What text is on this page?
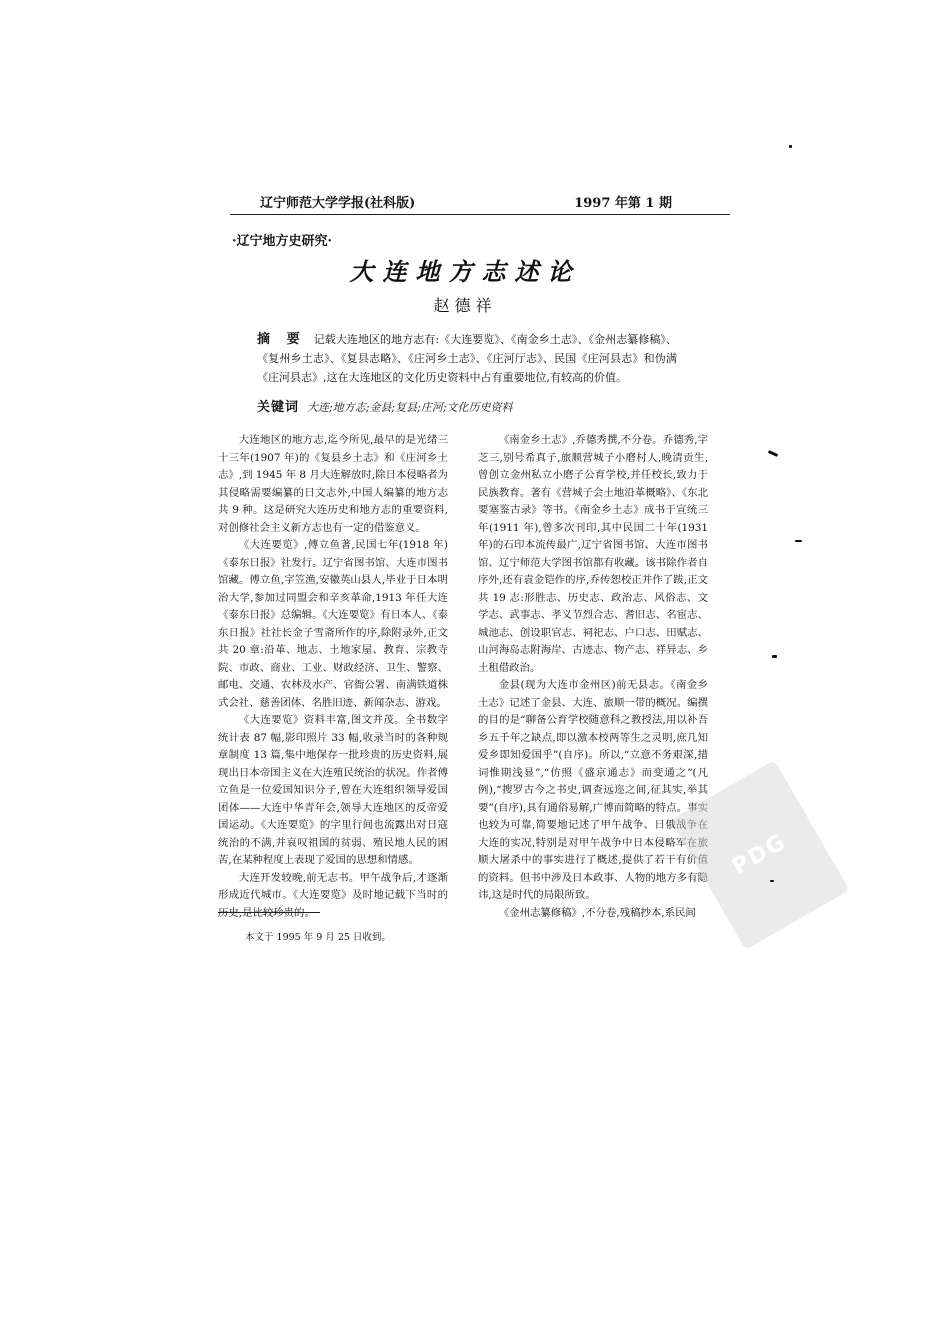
辽宁师范大学学报(社科版)	1997 年第 1 期
·辽宁地方史研究·
大连地方志述论
赵德祥
摘 要 记载大连地区的地方志有:《大连要览》、《南金乡土志》、《金州志纂修稿》、《复州乡土志》、《复县志略》、《庄河乡土志》、《庄河厅志》、民国《庄河县志》和伪满《庄河县志》,这在大连地区的文化历史资料中占有重要地位,有较高的价值。
关键词 大连;地方志;金县;复县;庄河;文化历史资料

大连地区的地方志,迄今所见,最早的是光绪三十三年(1907 年)的《复县乡土志》和《庄河乡土志》,到 1945 年 8 月大连解放时,除日本侵略者为其侵略需要编纂的日文志外,中国人编纂的地方志共 9 种。这是研究大连历史和地方志的重要资料,对创修社会主义新方志也有一定的借鉴意义。

《大连要览》,傅立鱼著,民国七年(1918 年)《泰东日报》社发行。辽宁省图书馆、大连市图书馆藏。傅立鱼,字笠渔,安徽英山县人,毕业于日本明治大学,参加过同盟会和辛亥革命,1913 年任大连《泰东日报》总编辑。《大连要览》有日本人、《泰东日报》社社长金子雪斋所作的序,除附录外,正文共 20 章:沿革、地志、土地家屋、教育、宗教寺院、市政、商业、工业、财政经济、卫生、警察、邮电、交通、农林及水产、官衙公署、南满铁道株式会社、慈善团体、名胜旧迹、新闻杂志、游戏。

《大连要览》资料丰富,图文并茂。全书数字统计表 87 幅,影印照片 33 幅,收录当时的各种规章制度 13 篇,集中地保存一批珍贵的历史资料,展现出日本帝国主义在大连殖民统治的状况。作者傅立鱼是一位爱国知识分子,曾在大连组织领导爱国团体——大连中华青年会,领导大连地区的反帝爱国运动。《大连要览》的字里行间也流露出对日寇统治的不满,并哀叹祖国的贫弱、殖民地人民的困苦,在某种程度上表现了爱国的思想和情感。

大连开发较晚,前无志书。甲午战争后,才逐渐形成近代城市。《大连要览》及时地记载下当时的历史,是比较珍贵的。

《南金乡土志》,乔德秀撰,不分卷。乔德秀,字芝三,别号希真子,旅顺营城子小磨村人,晚清贡生,曾创立金州私立小磨子公育学校,并任校长,致力于民族教育。著有《营城子会土地沿革概略》、《东北要塞鉴古录》等书。《南金乡土志》成书于宣统三年(1911 年),曾多次刊印,其中民国二十年(1931 年)的石印本流传最广,辽宁省图书馆、大连市图书馆、辽宁师范大学图书馆都有收藏。该书除作者自序外,还有袁金铠作的序,乔传恕校正并作了跋,正文共 19 志:形胜志、历史志、政治志、风俗志、文学志、武事志、孝义节烈合志、耆旧志、名宦志、城池志、创设职官志、祠祀志、户口志、田赋志、山河海岛志附海岸、古迹志、物产志、祥异志、乡土租借政治。

金县(现为大连市金州区)前无县志。《南金乡土志》记述了金县、大连、旅顺一带的概况。编撰的目的是“聊备公育学校随意科之教授法,用以补吾乡五千年之缺点,即以激本校两等生之灵明,庶几知爱乡即知爱国乎”(自序)。所以,“立意不务艰深,措词惟期浅显”,“仿照《盛京通志》而变通之”(凡例),“搜罗古今之书史,调查远迩之间,征其实,举其要”(自序),具有通俗易解,广博而简略的特点。事实也较为可靠,简要地记述了甲午战争、日俄战争在大连的实况,特别是对甲午战争中日本侵略军在旅顺大屠杀中的事实进行了概述,提供了若干有价值的资料。但书中涉及日本政事、人物的地方多有隐讳,这是时代的局限所致。

《金州志纂修稿》,不分卷,残稿抄本,系民间

本文于 1995 年 9 月 25 日收到。
PDG
